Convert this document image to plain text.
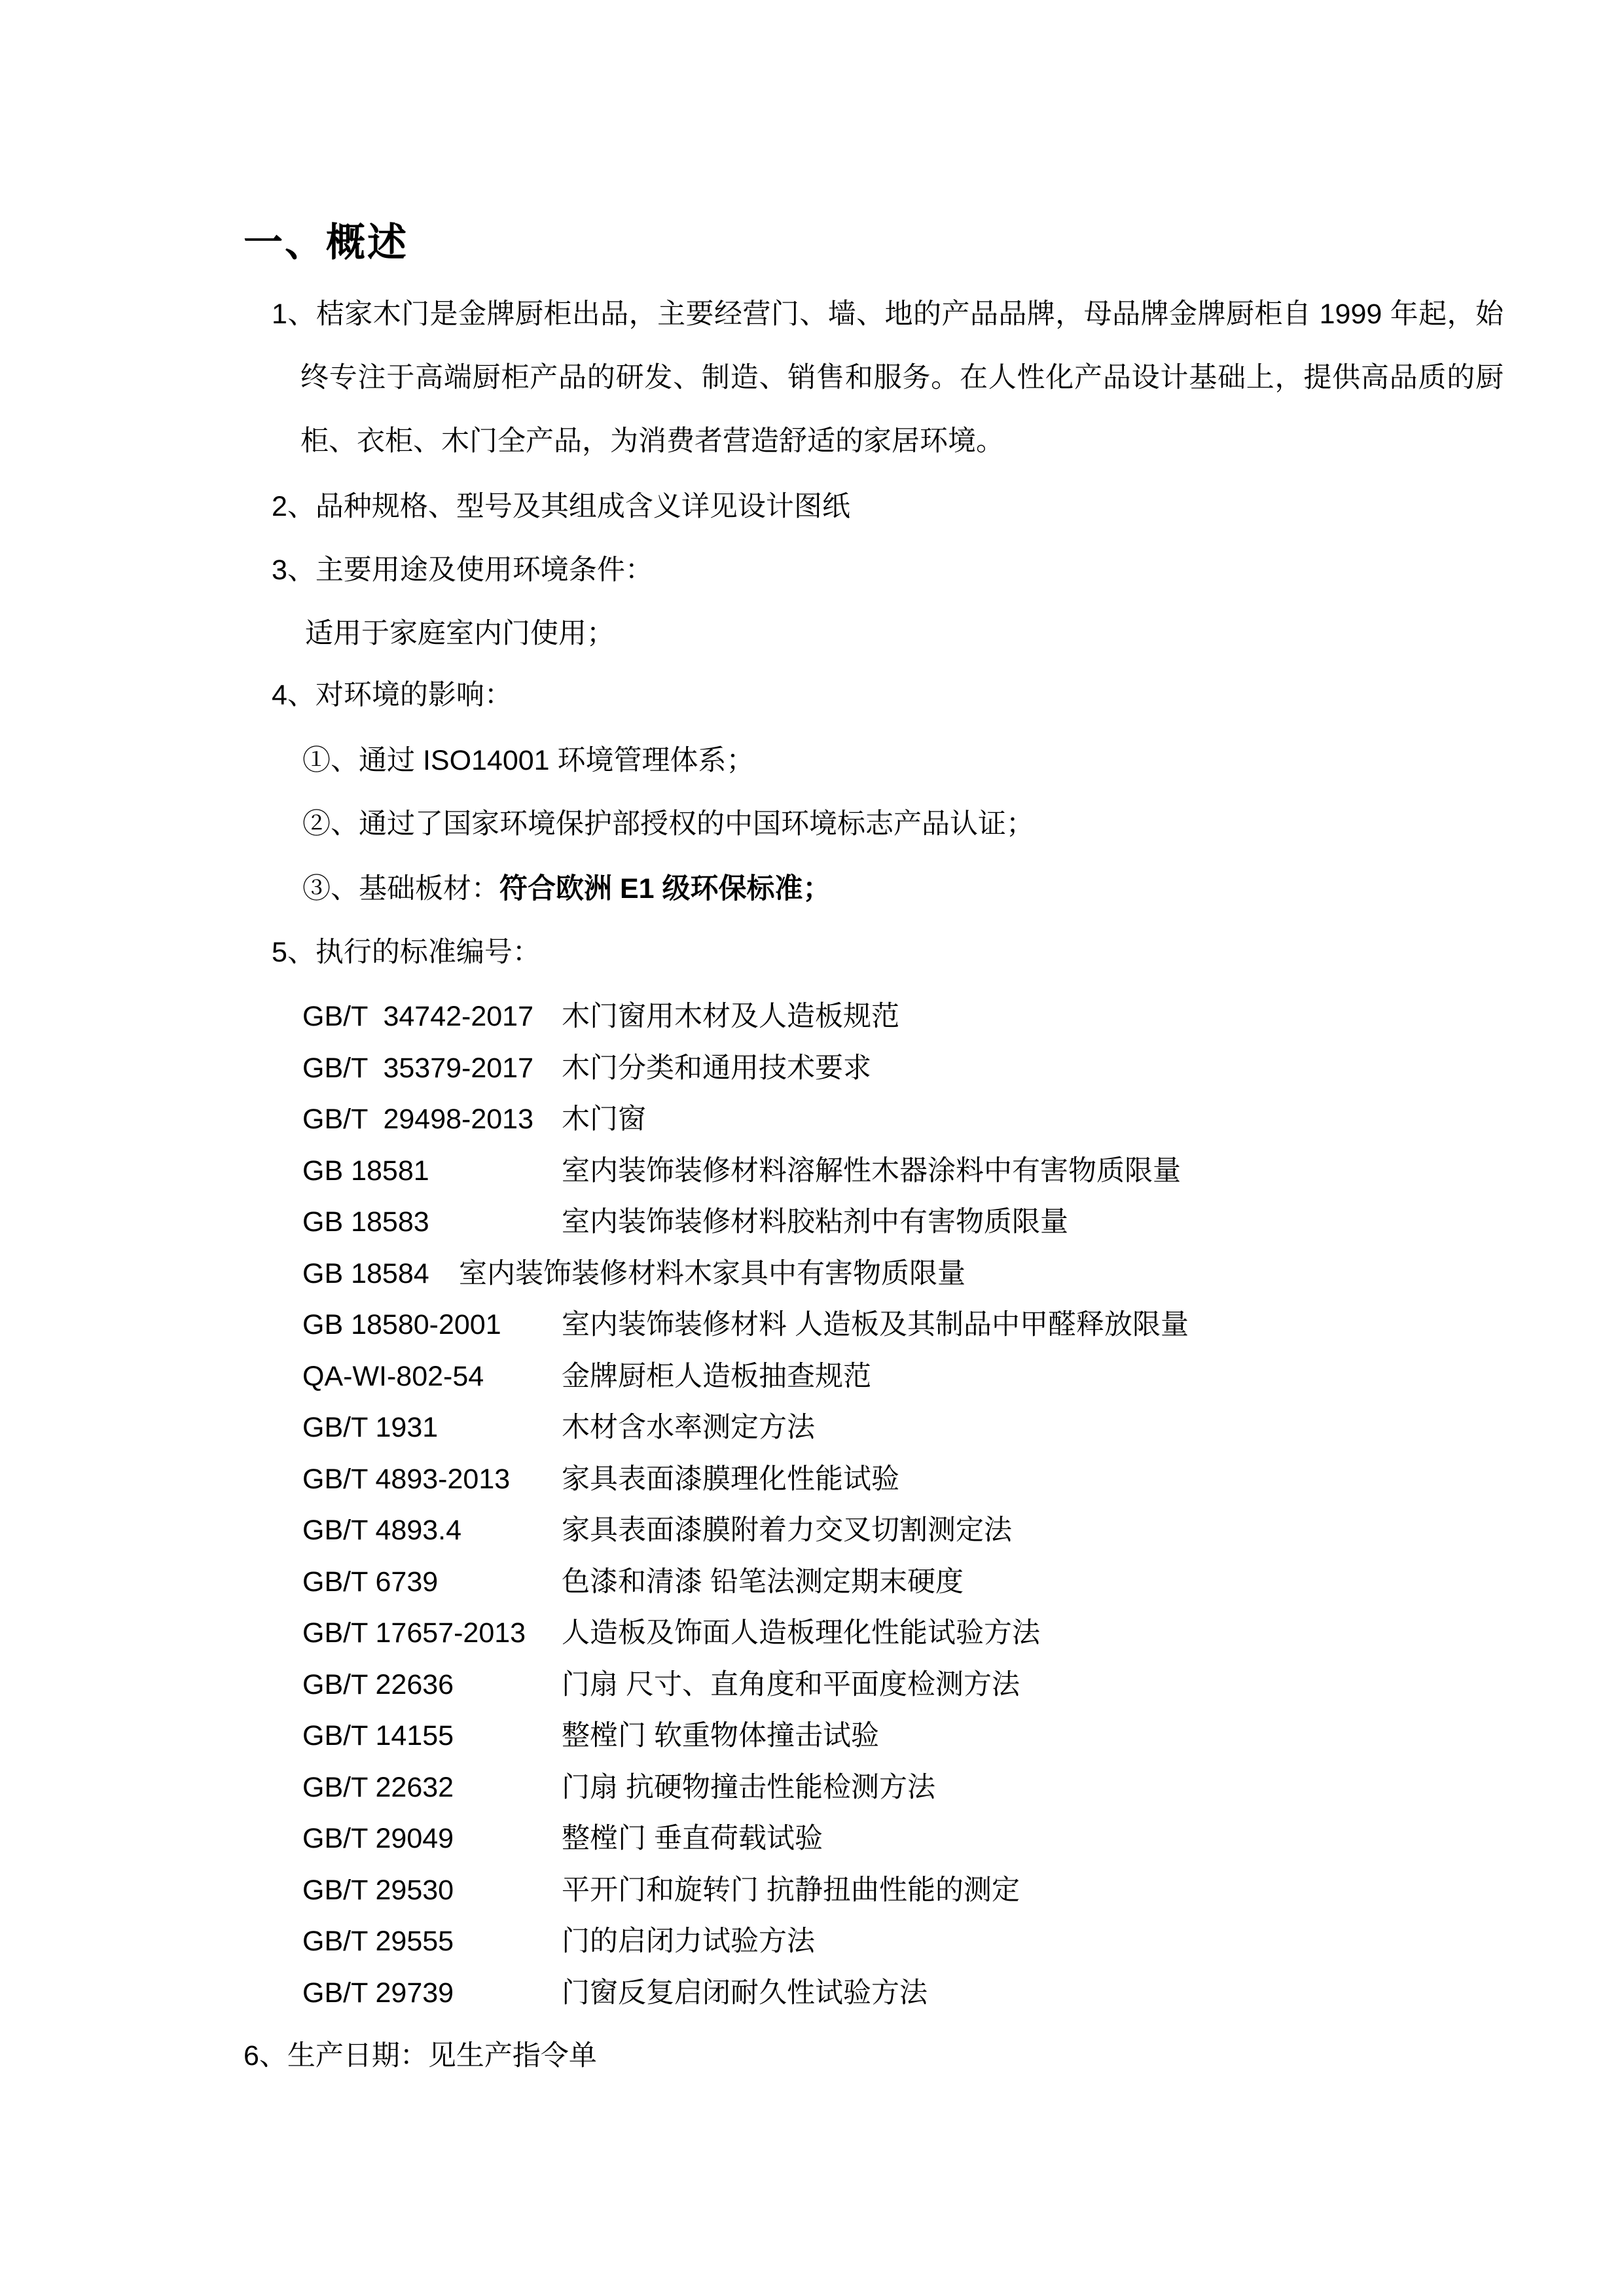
一、概述
1、桔家木门是金牌厨柜出品，主要经营门、墙、地的产品品牌，母品牌金牌厨柜自 1999 年起，始
终专注于高端厨柜产品的研发、制造、销售和服务。在人性化产品设计基础上，提供高品质的厨
柜、衣柜、木门全产品，为消费者营造舒适的家居环境。
2、品种规格、型号及其组成含义详见设计图纸
3、主要用途及使用环境条件：
适用于家庭室内门使用；
4、对环境的影响：
①、通过 ISO14001 环境管理体系；
②、通过了国家环境保护部授权的中国环境标志产品认证；
③、基础板材：符合欧洲 E1 级环保标准；
5、执行的标准编号：
GB/T  34742-2017 木门窗用木材及人造板规范
GB/T  35379-2017 木门分类和通用技术要求
GB/T  29498-2013 木门窗
GB 18581	室内装饰装修材料溶解性木器涂料中有害物质限量
GB 18583	室内装饰装修材料胶粘剂中有害物质限量
GB 18584 室内装饰装修材料木家具中有害物质限量
GB 18580-2001 室内装饰装修材料 人造板及其制品中甲醛释放限量
QA-WI-802-54	金牌厨柜人造板抽查规范
GB/T 1931	木材含水率测定方法
GB/T 4893-2013 家具表面漆膜理化性能试验
GB/T 4893.4	家具表面漆膜附着力交叉切割测定法
GB/T 6739	色漆和清漆 铅笔法测定期末硬度
GB/T 17657-2013 人造板及饰面人造板理化性能试验方法
GB/T 22636	门扇 尺寸、直角度和平面度检测方法
GB/T 14155	整樘门 软重物体撞击试验
GB/T 22632	门扇 抗硬物撞击性能检测方法
GB/T 29049	整樘门 垂直荷载试验
GB/T 29530	平开门和旋转门 抗静扭曲性能的测定
GB/T 29555	门的启闭力试验方法
GB/T 29739	门窗反复启闭耐久性试验方法
6、生产日期：见生产指令单
